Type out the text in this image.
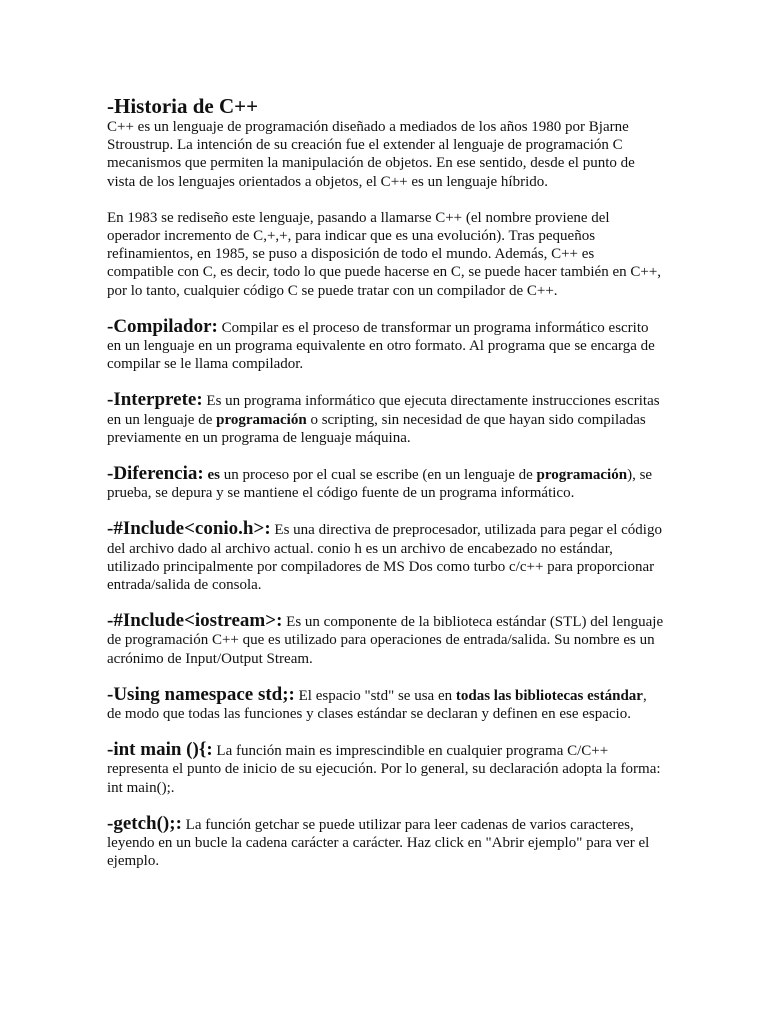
-Historia de C++

C++ es un lenguaje de programación diseñado a mediados de los años 1980 por Bjarne Stroustrup. La intención de su creación fue el extender al lenguaje de programación C mecanismos que permiten la manipulación de objetos. En ese sentido, desde el punto de vista de los lenguajes orientados a objetos, el C++ es un lenguaje híbrido.

En 1983 se rediseño este lenguaje, pasando a llamarse C++ (el nombre proviene del operador incremento de C,+,+, para indicar que es una evolución). Tras pequeños refinamientos, en 1985, se puso a disposición de todo el mundo. Además, C++ es compatible con C, es decir, todo lo que puede hacerse en C, se puede hacer también en C++, por lo tanto, cualquier código C se puede tratar con un compilador de C++.

-Compilador: Compilar es el proceso de transformar un programa informático escrito en un lenguaje en un programa equivalente en otro formato. Al programa que se encarga de compilar se le llama compilador.

-Interprete: Es un programa informático que ejecuta directamente instrucciones escritas en un lenguaje de programación o scripting, sin necesidad de que hayan sido compiladas previamente en un programa de lenguaje máquina.

-Diferencia: es un proceso por el cual se escribe (en un lenguaje de programación), se prueba, se depura y se mantiene el código fuente de un programa informático.

-#Include<conio.h>: Es una directiva de preprocesador, utilizada para pegar el código del archivo dado al archivo actual. conio h es un archivo de encabezado no estándar, utilizado principalmente por compiladores de MS Dos como turbo c/c++ para proporcionar entrada/salida de consola.

-#Include<iostream>: Es un componente de la biblioteca estándar (STL) del lenguaje de programación C++ que es utilizado para operaciones de entrada/salida. Su nombre es un acrónimo de Input/Output Stream.

-Using namespace std;: El espacio "std" se usa en todas las bibliotecas estándar, de modo que todas las funciones y clases estándar se declaran y definen en ese espacio.

-int main (){: La función main es imprescindible en cualquier programa C/C++ representa el punto de inicio de su ejecución. Por lo general, su declaración adopta la forma: int main();.

-getch();: La función getchar se puede utilizar para leer cadenas de varios caracteres, leyendo en un bucle la cadena carácter a carácter. Haz click en "Abrir ejemplo" para ver el ejemplo.
